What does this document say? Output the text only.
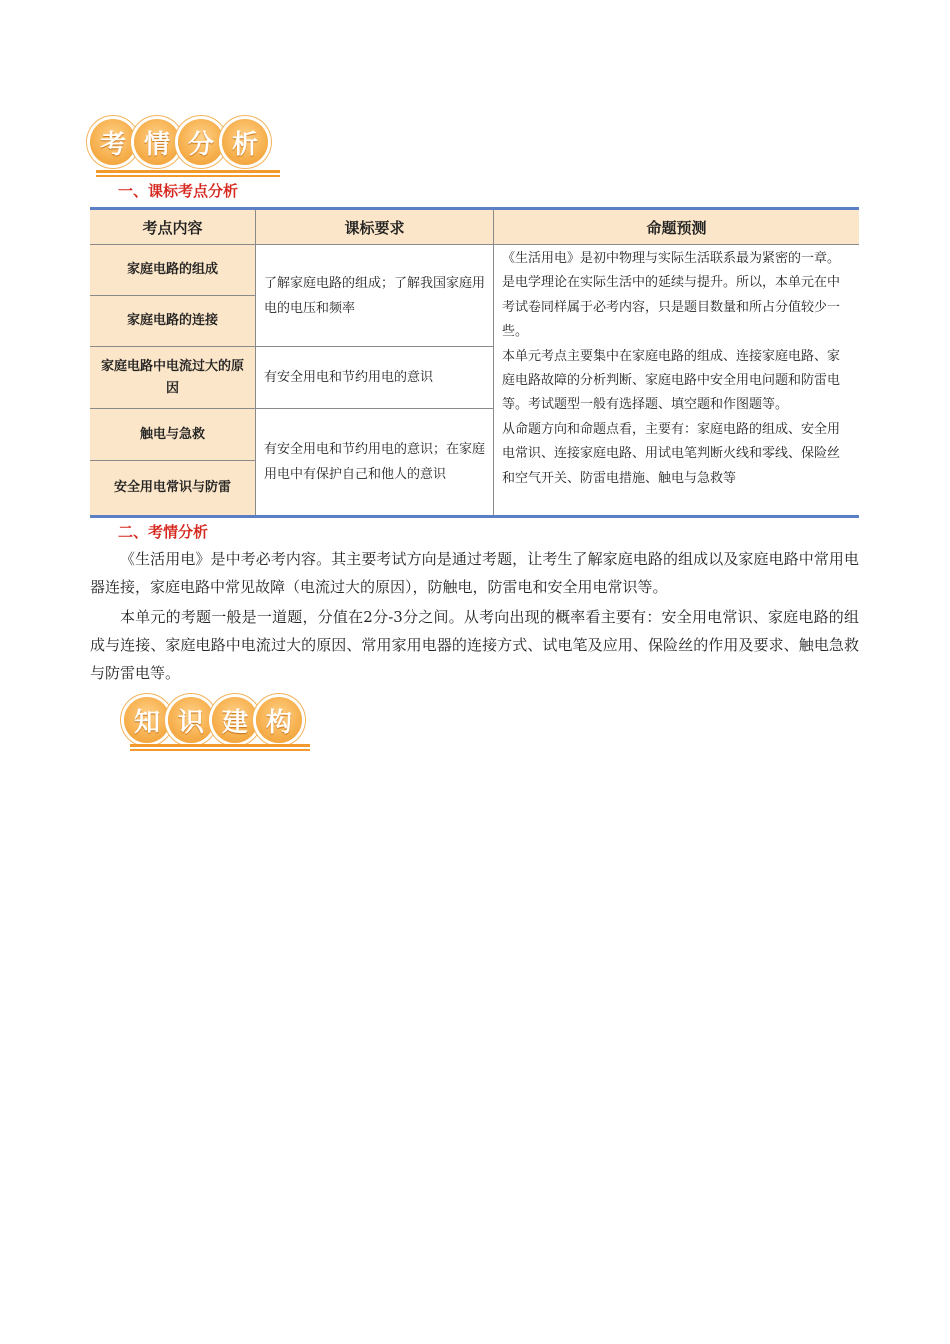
考 情 分 析
一、课标考点分析
考点内容	课标要求	命题预测
家庭电路的组成	了解家庭电路的组成；了解我国家庭用电的电压和频率	《生活用电》是初中物理与实际生活联系最为紧密的一章。是电学理论在实际生活中的延续与提升。所以，本单元在中考试卷同样属于必考内容，只是题目数量和所占分值较少一些。
本单元考点主要集中在家庭电路的组成、连接家庭电路、家庭电路故障的分析判断、家庭电路中安全用电问题和防雷电等。考试题型一般有选择题、填空题和作图题等。
从命题方向和命题点看，主要有：家庭电路的组成、安全用电常识、连接家庭电路、用试电笔判断火线和零线、保险丝和空气开关、防雷电措施、触电与急救等

家庭电路的连接		
家庭电路中电流过大的原因	有安全用电和节约用电的意识	
触电与急救	有安全用电和节约用电的意识；在家庭用电中有保护自己和他人的意识	
安全用电常识与防雷		
二、考情分析

《生活用电》是中考必考内容。其主要考试方向是通过考题，让考生了解家庭电路的组成以及家庭电路中常用电器连接，家庭电路中常见故障（电流过大的原因），防触电，防雷电和安全用电常识等。

本单元的考题一般是一道题，分值在2分-3分之间。从考向出现的概率看主要有：安全用电常识、家庭电路的组成与连接、家庭电路中电流过大的原因、常用家用电器的连接方式、试电笔及应用、保险丝的作用及要求、触电急救与防雷电等。

知 识 建 构
